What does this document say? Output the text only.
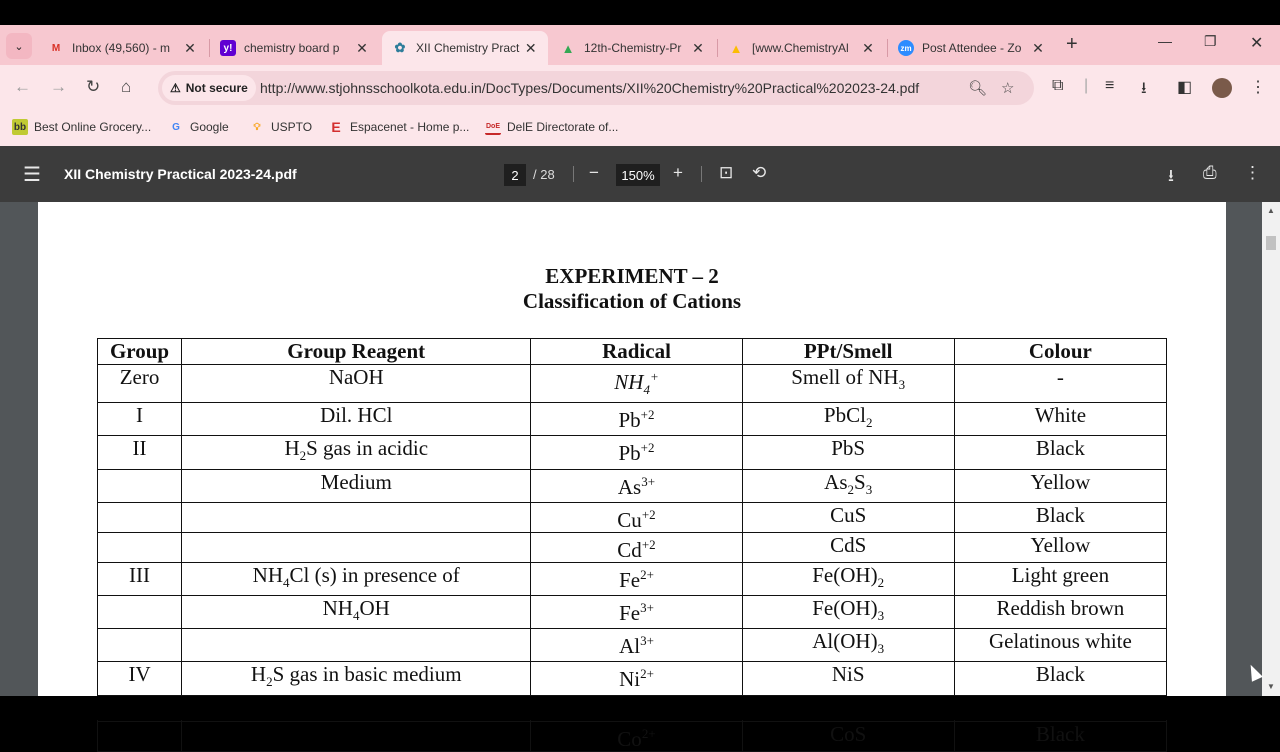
⌄	M Inbox (49,560) - m	✕	y! chemistry board p	✕ ✿ XII Chemistry Pract ✕ ▲ 12th-Chemistry-Pr ✕ ▲ [www.ChemistryAl ✕	zm Post Attendee - Zo ✕ +	— ❐ ✕
← → ↻ ⌂	⚠ Not secure http://www.stjohnsschoolkota.edu.in/DocTypes/Documents/XII%20Chemistry%20Practical%202023-24.pdf	🔍︎ ☆ ⧉ | ≡ ⭳ ◧	⋮
bb Best Online Grocery...	G Google	💡︎ USPTO E Espacenet - Home p... DoE DelE Directorate of...
☰ XII Chemistry Practical 2023-24.pdf	2	/ 28 −	150%	+ ⊡ ⟲	⭳ ⎙ ⋮
EXPERIMENT – 2
Classification of Cations
Group	Group Reagent	Radical	PPt/Smell	Colour
Zero	NaOH	$NH_4^+$	Smell of $NH_3$	-
I	Dil. HCl	$Pb^{+2}$	PbCl$_2$	White
II	$H_2S$ gas in acidic	$Pb^{+2}$	PbS	Black
	Medium	$As^{3+}$	$As_2S_3$	Yellow
		$Cu^{+2}$	CuS	Black
		$Cd^{+2}$	CdS	Yellow
III	$NH_4Cl$ (s) in presence of	$Fe^{2+}$	$Fe(OH)_2$	Light green
	$NH_4OH$	$Fe^{3+}$	$Fe(OH)_3$	Reddish brown
		$Al^{3+}$	$Al(OH)_3$	Gelatinous white
IV	$H_2S$ gas in basic medium	$Ni^{2+}$	NiS	Black

		$Co^{2+}$	CoS	Black
▲
▼
